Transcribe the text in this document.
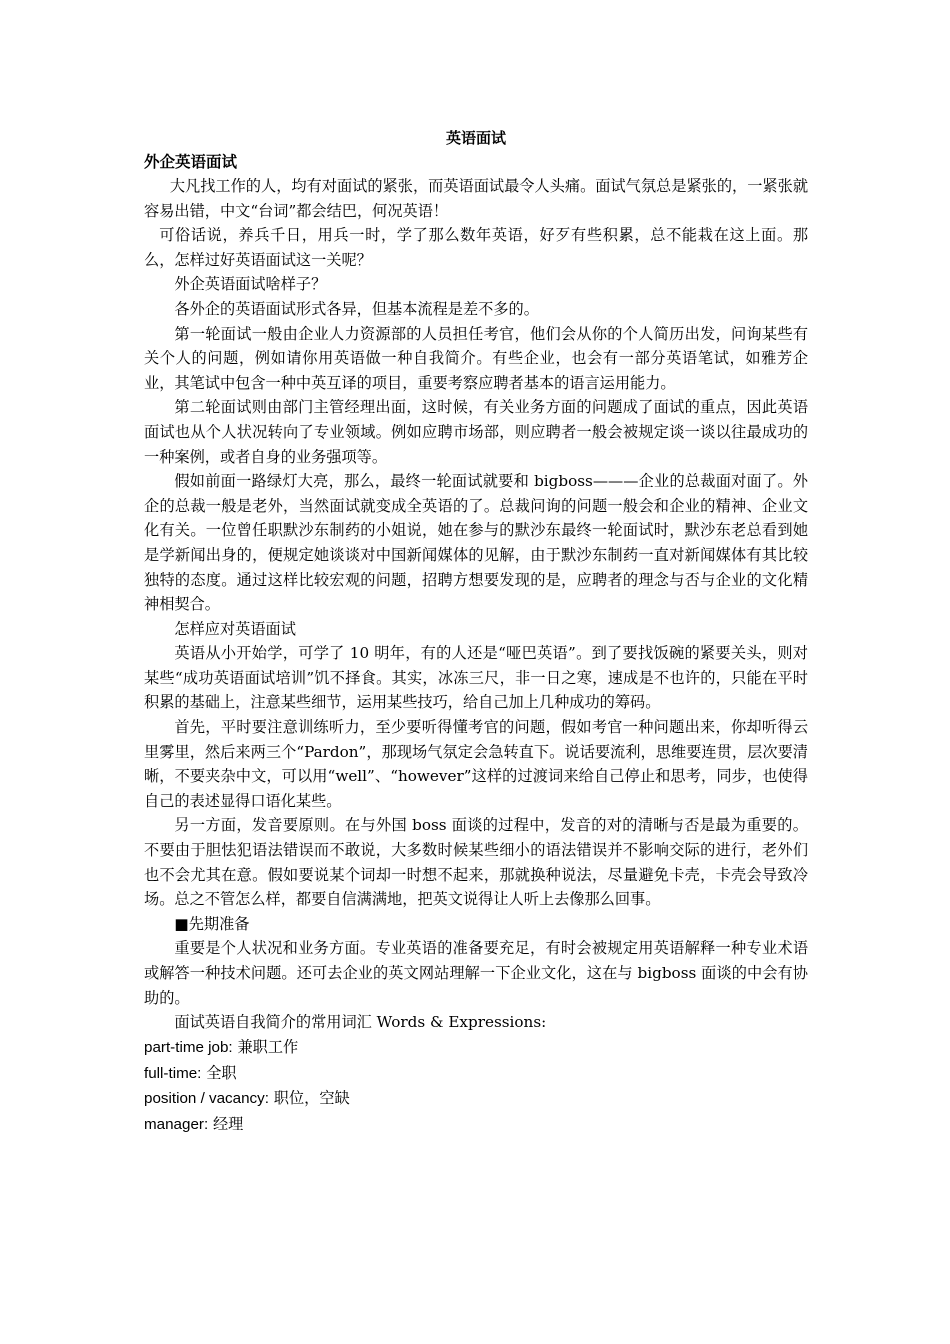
英语面试
外企英语面试

大凡找工作的人，均有对面试的紧张，而英语面试最令人头痛。面试气氛总是紧张的，一紧张就容易出错，中文“台词”都会结巴，何况英语！

可俗话说，养兵千日，用兵一时，学了那么数年英语，好歹有些积累，总不能栽在这上面。那么，怎样过好英语面试这一关呢？

外企英语面试啥样子？

各外企的英语面试形式各异，但基本流程是差不多的。

第一轮面试一般由企业人力资源部的人员担任考官，他们会从你的个人简历出发，问询某些有关个人的问题，例如请你用英语做一种自我简介。有些企业，也会有一部分英语笔试，如雅芳企业，其笔试中包含一种中英互译的项目，重要考察应聘者基本的语言运用能力。

第二轮面试则由部门主管经理出面，这时候，有关业务方面的问题成了面试的重点，因此英语面试也从个人状况转向了专业领域。例如应聘市场部，则应聘者一般会被规定谈一谈以往最成功的一种案例，或者自身的业务强项等。

假如前面一路绿灯大亮，那么，最终一轮面试就要和 bigboss———企业的总裁面对面了。外企的总裁一般是老外，当然面试就变成全英语的了。总裁问询的问题一般会和企业的精神、企业文化有关。一位曾任职默沙东制药的小姐说，她在参与的默沙东最终一轮面试时，默沙东老总看到她是学新闻出身的，便规定她谈谈对中国新闻媒体的见解，由于默沙东制药一直对新闻媒体有其比较独特的态度。通过这样比较宏观的问题，招聘方想要发现的是，应聘者的理念与否与企业的文化精神相契合。

怎样应对英语面试

英语从小开始学，可学了 10 明年，有的人还是“哑巴英语”。到了要找饭碗的紧要关头，则对某些“成功英语面试培训”饥不择食。其实，冰冻三尺，非一日之寒，速成是不也许的，只能在平时积累的基础上，注意某些细节，运用某些技巧，给自己加上几种成功的筹码。

首先，平时要注意训练听力，至少要听得懂考官的问题，假如考官一种问题出来，你却听得云里雾里，然后来两三个“Pardon”，那现场气氛定会急转直下。说话要流利，思维要连贯，层次要清晰，不要夹杂中文，可以用“well”、“however”这样的过渡词来给自己停止和思考，同步，也使得自己的表述显得口语化某些。

另一方面，发音要原则。在与外国 boss 面谈的过程中，发音的对的清晰与否是最为重要的。不要由于胆怯犯语法错误而不敢说，大多数时候某些细小的语法错误并不影响交际的进行，老外们也不会尤其在意。假如要说某个词却一时想不起来，那就换种说法，尽量避免卡壳，卡壳会导致冷场。总之不管怎么样，都要自信满满地，把英文说得让人听上去像那么回事。

■先期准备

重要是个人状况和业务方面。专业英语的准备要充足，有时会被规定用英语解释一种专业术语或解答一种技术问题。还可去企业的英文网站理解一下企业文化，这在与 bigboss 面谈的中会有协助的。

面试英语自我简介的常用词汇 Words & Expressions:

part-time job: 兼职工作

full-time: 全职

position / vacancy: 职位，空缺

manager: 经理
